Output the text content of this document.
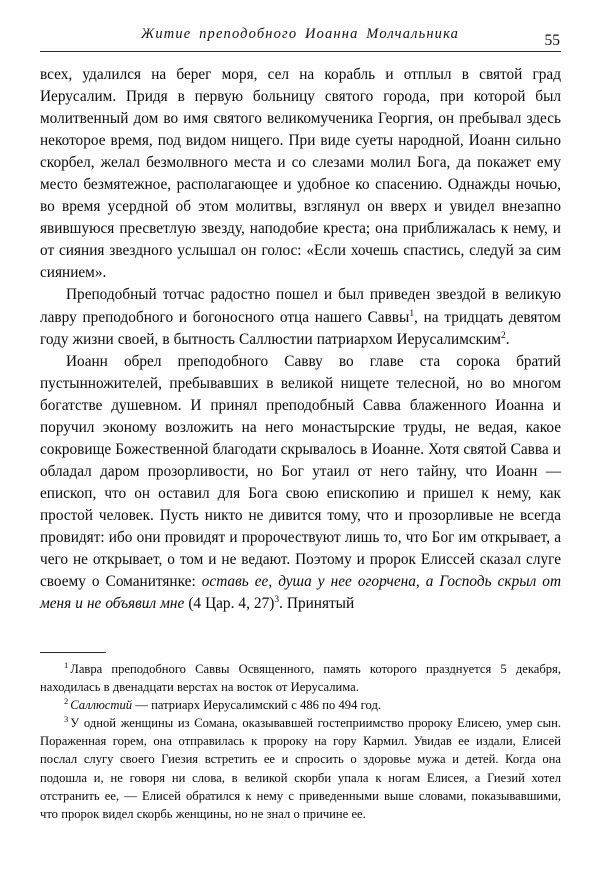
Житие преподобного Иоанна Молчальника	55

всех, удалился на берег моря, сел на корабль и отплыл в святой град Иерусалим. Придя в первую больницу святого города, при которой был молитвенный дом во имя святого великомученика Георгия, он пребывал здесь некоторое время, под видом нищего. При виде суеты народной, Иоанн сильно скорбел, желал безмолвного места и со слезами молил Бога, да покажет ему место безмятежное, располагающее и удобное ко спасению. Однажды ночью, во время усердной об этом молитвы, взглянул он вверх и увидел внезапно явившуюся пресветлую звезду, наподобие креста; она приближалась к нему, и от сияния звездного услышал он голос: «Если хочешь спастись, следуй за сим сиянием».

Преподобный тотчас радостно пошел и был приведен звездой в великую лавру преподобного и богоносного отца нашего Саввы$^1$, на тридцать девятом году жизни своей, в бытность Саллюстии патриархом Иерусалимским$^2$.

Иоанн обрел преподобного Савву во главе ста сорока братий пустынножителей, пребывавших в великой нищете телесной, но во многом богатстве душевном. И принял преподобный Савва блаженного Иоанна и поручил эконому возложить на него монастырские труды, не ведая, какое сокровище Божественной благодати скрывалось в Иоанне. Хотя святой Савва и обладал даром прозорливости, но Бог утаил от него тайну, что Иоанн — епископ, что он оставил для Бога свою епископию и пришел к нему, как простой человек. Пусть никто не дивится тому, что и прозорливые не всегда провидят: ибо они провидят и пророчествуют лишь то, что Бог им открывает, а чего не открывает, о том и не ведают. Поэтому и пророк Елиссей сказал слуге своему о Соманитянке: оставь ее, душа у нее огорчена, а Господь скрыл от меня и не объявил мне (4 Цар. 4, 27)$^3$. Принятый

$^1$ Лавра преподобного Саввы Освященного, память которого празднуется 5 декабря, находилась в двенадцати верстах на восток от Иерусалима.

$^2$ Саллюстий — патриарх Иерусалимский с 486 по 494 год.

$^3$ У одной женщины из Сомана, оказывавшей гостеприимство пророку Елисею, умер сын. Пораженная горем, она отправилась к пророку на гору Кармил. Увидав ее издали, Елисей послал слугу своего Гиезия встретить ее и спросить о здоровье мужа и детей. Когда она подошла и, не говоря ни слова, в великой скорби упала к ногам Елисея, а Гиезий хотел отстранить ее, — Елисей обратился к нему с приведенными выше словами, показывавшими, что пророк видел скорбь женщины, но не знал о причине ее.
